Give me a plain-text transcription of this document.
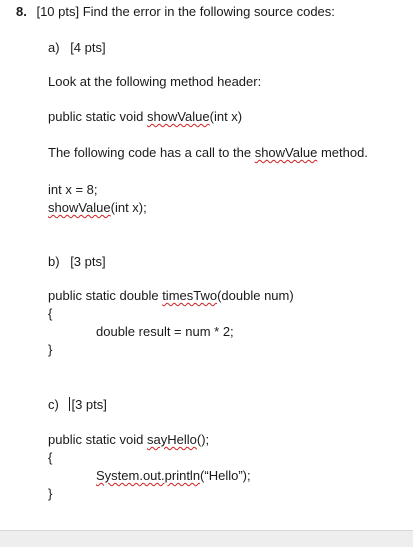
8. [10 pts] Find the error in the following source codes:
a) [4 pts]
Look at the following method header:
public static void showValue(int x)
The following code has a call to the showValue method.
int x = 8;
showValue(int x);
b) [3 pts]
public static double timesTwo(double num)
{
double result = num * 2;
}
c) [3 pts]
public static void sayHello();
{
System.out.println(“Hello”);
}
